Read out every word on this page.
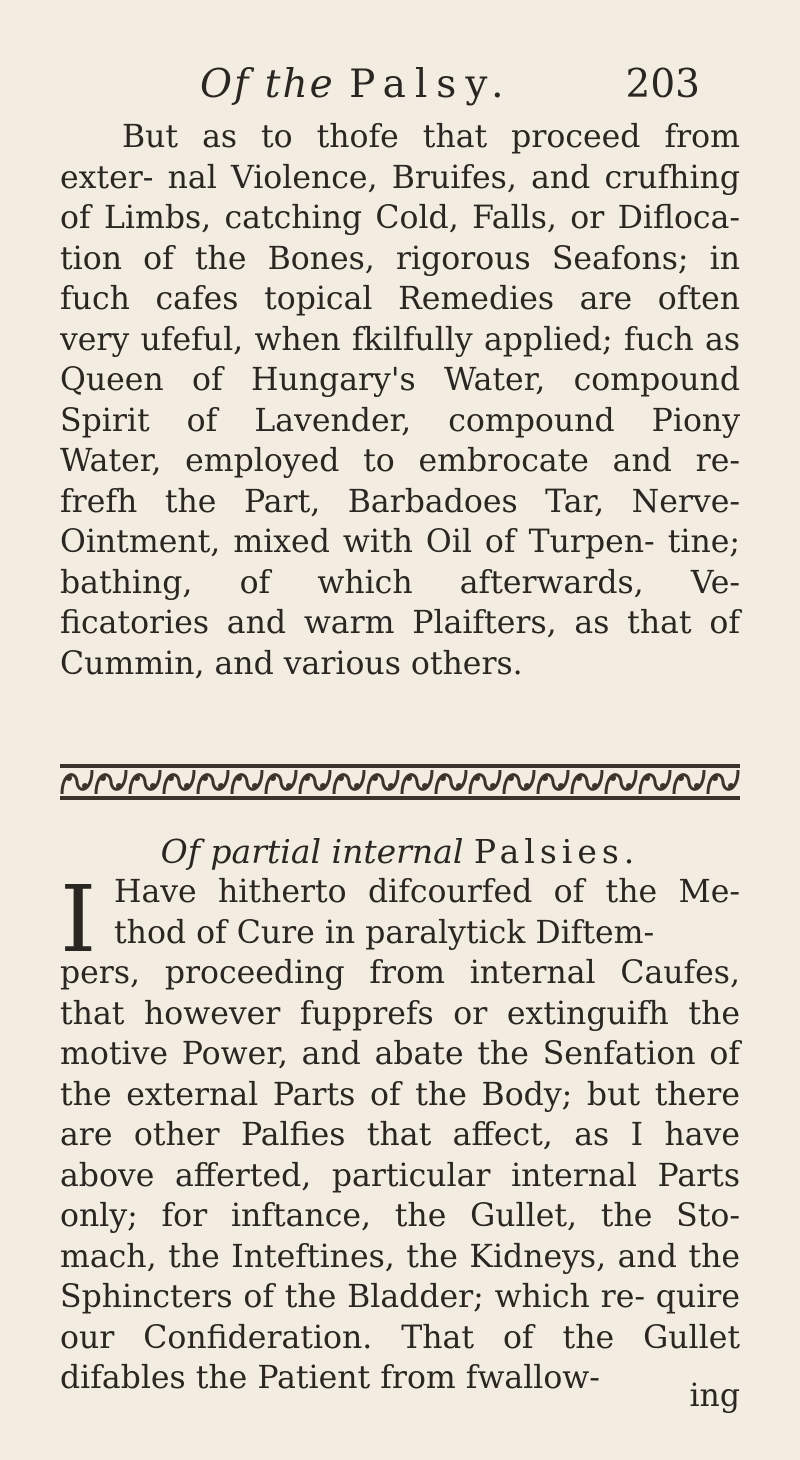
Of the Palsy.	203
But as to thofe that proceed from exter- nal Violence, Bruifes, and crufhing of Limbs, catching Cold, Falls, or Difloca- tion of the Bones, rigorous Seafons; in fuch cafes topical Remedies are often very ufeful, when fkilfully applied; fuch as Queen of Hungary's Water, compound Spirit of Lavender, compound Piony Water, employed to embrocate and re- frefh the Part, Barbadoes Tar, Nerve- Ointment, mixed with Oil of Turpen- tine; bathing, of which afterwards, Ve- ficatories and warm Plaifters, as that of Cummin, and various others.
Of partial internal Palsies.
I Have hitherto difcourfed of the Me- thod of Cure in paralytick Diftem-
pers, proceeding from internal Caufes, that however fupprefs or extinguifh the motive Power, and abate the Senfation of the external Parts of the Body; but there are other Palfies that affect, as I have above afferted, particular internal Parts only; for inftance, the Gullet, the Sto- mach, the Inteftines, the Kidneys, and the Sphincters of the Bladder; which re- quire our Confideration. That of the Gullet difables the Patient from fwallow-	ing
